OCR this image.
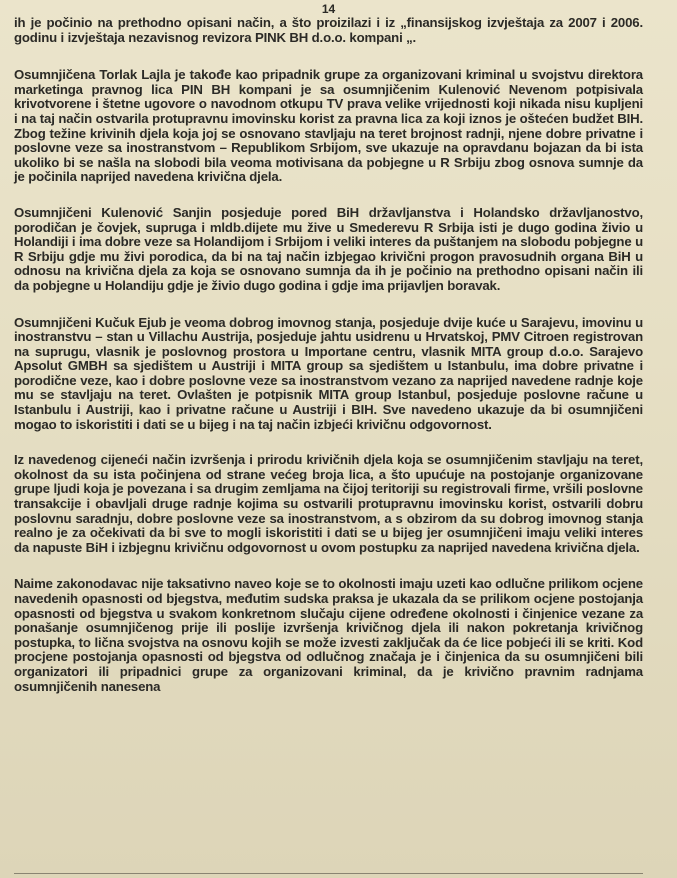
14

ih je počinio na prethodno opisani način, a što proizilazi i iz „finansijskog izvještaja za 2007 i 2006. godinu i izvještaja nezavisnog revizora PINK BH d.o.o. kompani „.

Osumnjičena Torlak Lajla je takođe kao pripadnik grupe za organizovani kriminal u svojstvu direktora marketinga pravnog lica PIN BH kompani je sa osumnjičenim Kulenović Nevenom potpisivala krivotvorene i štetne ugovore o navodnom otkupu TV prava velike vrijednosti koji nikada nisu kupljeni i na taj način ostvarila protupravnu imovinsku korist za pravna lica za koji iznos je oštećen budžet BIH. Zbog težine krivinih djela koja joj se osnovano stavljaju na teret brojnost radnji, njene dobre privatne i poslovne veze sa inostranstvom – Republikom Srbijom, sve ukazuje na opravdanu bojazan da bi ista ukoliko bi se našla na slobodi bila veoma motivisana da pobjegne u R Srbiju zbog osnova sumnje da je počinila naprijed navedena krivična djela.

Osumnjičeni Kulenović Sanjin posjeduje pored BiH državljanstva i Holandsko državljanostvo, porodičan je čovjek, supruga i mldb.dijete mu žive u Smederevu R Srbija isti je dugo godina živio u Holandiji i ima dobre veze sa Holandijom i Srbijom i veliki interes da puštanjem na slobodu pobjegne u R Srbiju gdje mu živi porodica, da bi na taj način izbjegao krivični progon pravosudnih organa BiH u odnosu na krivična djela za koja se osnovano sumnja da ih je počinio na prethodno opisani način ili da pobjegne u Holandiju gdje je živio dugo godina i gdje ima prijavljen boravak.

Osumnjičeni Kučuk Ejub je veoma dobrog imovnog stanja, posjeduje dvije kuće u Sarajevu, imovinu u inostranstvu – stan u Villachu Austrija, posjeduje jahtu usidrenu u Hrvatskoj, PMV Citroen registrovan na suprugu, vlasnik je poslovnog prostora u Importane centru, vlasnik MITA group d.o.o. Sarajevo Apsolut GMBH sa sjedištem u Austriji i MITA group sa sjedištem u Istanbulu, ima dobre privatne i porodične veze, kao i dobre poslovne veze sa inostranstvom vezano za naprijed navedene radnje koje mu se stavljaju na teret. Ovlašten je potpisnik MITA group Istanbul, posjeduje poslovne račune u Istanbulu i Austriji, kao i privatne račune u Austriji i BIH. Sve navedeno ukazuje da bi osumnjičeni mogao to iskoristiti i dati se u bijeg i na taj način izbjeći krivičnu odgovornost.

Iz navedenog cijeneći način izvršenja i prirodu krivičnih djela koja se osumnjičenim stavljaju na teret, okolnost da su ista počinjena od strane većeg broja lica, a što upućuje na postojanje organizovane grupe ljudi koja je povezana i sa drugim zemljama na čijoj teritoriji su registrovali firme, vršili poslovne transakcije i obavljali druge radnje kojima su ostvarili protupravnu imovinsku korist, ostvarili dobru poslovnu saradnju, dobre poslovne veze sa inostranstvom, a s obzirom da su dobrog imovnog stanja realno je za očekivati da bi sve to mogli iskoristiti i dati se u bijeg jer osumnjičeni imaju veliki interes da napuste BiH i izbjegnu krivičnu odgovornost u ovom postupku za naprijed navedena krivična djela.

Naime zakonodavac nije taksativno naveo koje se to okolnosti imaju uzeti kao odlučne prilikom ocjene navedenih opasnosti od bjegstva, međutim sudska praksa je ukazala da se prilikom ocjene postojanja opasnosti od bjegstva u svakom konkretnom slučaju cijene određene okolnosti i činjenice vezane za ponašanje osumnjičenog prije ili poslije izvršenja krivičnog djela ili nakon pokretanja krivičnog postupka, to lična svojstva na osnovu kojih se može izvesti zaključak da će lice pobjeći ili se kriti. Kod procjene postojanja opasnosti od bjegstva od odlučnog značaja je i činjenica da su osumnjičeni bili organizatori ili pripadnici grupe za organizovani kriminal, da je krivično pravnim radnjama osumnjičenih nanesena
